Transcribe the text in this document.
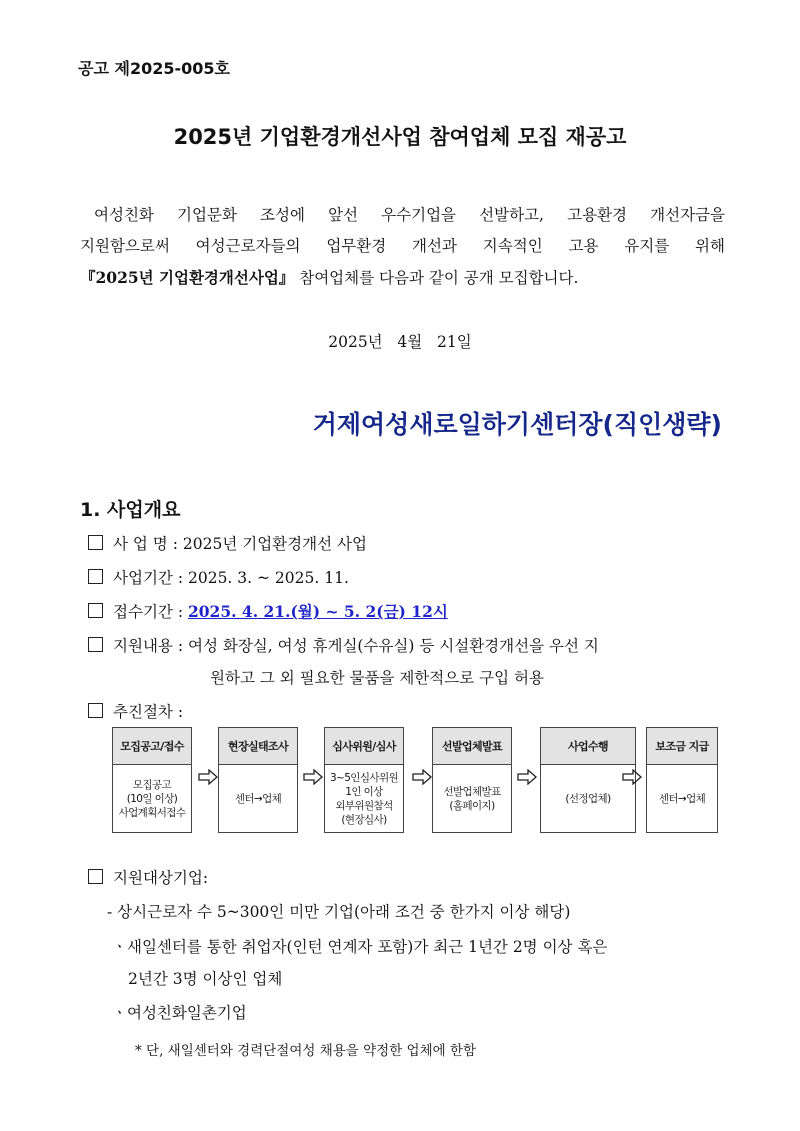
공고 제2025-005호
2025년 기업환경개선사업 참여업체 모집 재공고
여성친화 기업문화 조성에 앞선 우수기업을 선발하고, 고용환경 개선자금을
지원함으로써 여성근로자들의 업무환경 개선과 지속적인 고용 유지를 위해
『2025년 기업환경개선사업』 참여업체를 다음과 같이 공개 모집합니다.
2025년   4월   21일
거제여성새로일하기센터장(직인생략)
1. 사업개요
사 업 명 : 2025년 기업환경개선 사업
사업기간 : 2025. 3. ~ 2025. 11.
접수기간 : 2025. 4. 21.(월) ~ 5. 2(금) 12시
지원내용 : 여성 화장실, 여성 휴게실(수유실) 등 시설환경개선을 우선 지
원하고 그 외 필요한 물품을 제한적으로 구입 허용
추진절차 :
모집공고/접수
모집공고
(10일 이상)
사업계획서접수
현장실태조사
센터→업체
심사위원/심사
3~5인심사위원
1인 이상
외부위원참석
(현장심사)
선발업체발표
선발업체발표
(홈페이지)
사업수행
(선정업체)
보조금 지급
센터→업체
지원대상기업:
- 상시근로자 수 5~300인 미만 기업(아래 조건 중 한가지 이상 해당)
ㆍ새일센터를 통한 취업자(인턴 연계자 포함)가 최근 1년간 2명 이상 혹은
2년간 3명 이상인 업체
ㆍ여성친화일촌기업
* 단, 새일센터와 경력단절여성 채용을 약정한 업체에 한함
